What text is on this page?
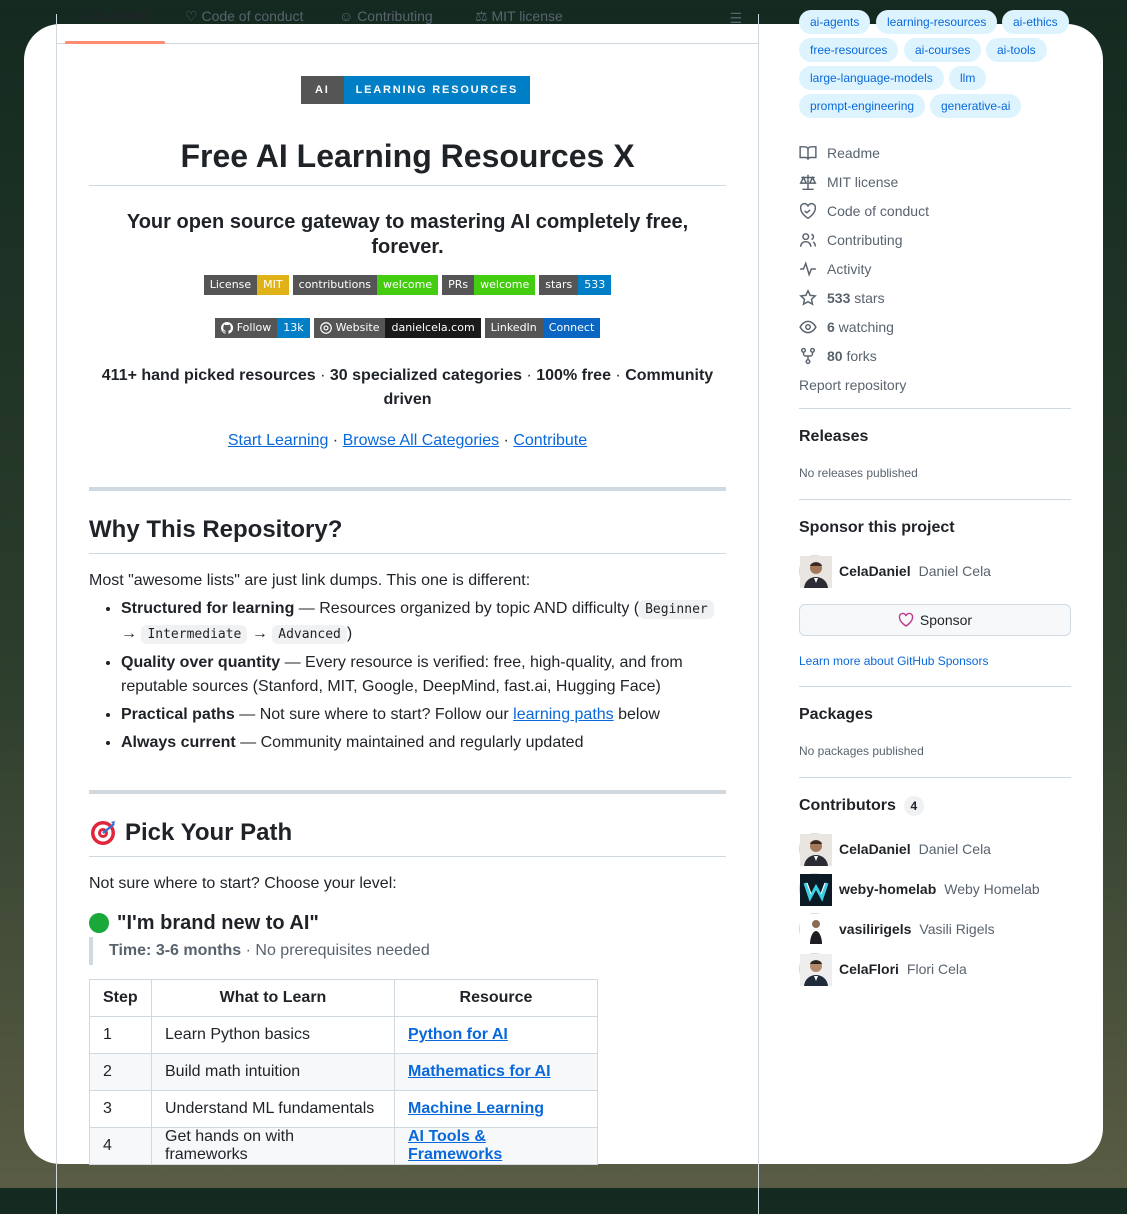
☷ README ♡ Code of conduct	☺ Contributing	⚖ MIT license	☰
AI	LEARNING RESOURCES
Free AI Learning Resources X

Your open source gateway to mastering AI completely free, forever.

License	MIT	contributions	welcome	PRs	welcome	stars	533
Follow	13k	Website	danielcela.com	LinkedIn	Connect
411+ hand picked resources · 30 specialized categories · 100% free · Community driven
Start Learning · Browse All Categories · Contribute
Why This Repository?

Most "awesome lists" are just link dumps. This one is different:

• Structured for learning — Resources organized by topic AND difficulty ( Beginner
→ Intermediate → Advanced )
• Quality over quantity — Every resource is verified: free, high-quality, and from reputable sources (Stanford, MIT, Google, DeepMind, fast.ai, Hugging Face)
• Practical paths — Not sure where to start? Follow our learning paths below
• Always current — Community maintained and regularly updated
Pick Your Path

Not sure where to start? Choose your level:

"I'm brand new to AI"
Time: 3-6 months · No prerequisites needed
Step	What to Learn	Resource
1	Learn Python basics	Python for AI
2	Build math intuition	Mathematics for AI
3	Understand ML fundamentals	Machine Learning
4	Get hands on with frameworks	AI Tools & Frameworks
ai-agents	learning-resources	ai-ethics
free-resources	ai-courses	ai-tools
large-language-models	llm
prompt-engineering	generative-ai
Readme
MIT license
Code of conduct
Contributing
Activity
533 stars
6 watching
80 forks
Report repository
Releases
No releases published
Sponsor this project
CelaDaniel Daniel Cela
Sponsor
Learn more about GitHub Sponsors
Packages
No packages published
Contributors	4
CelaDaniel Daniel Cela
weby-homelab Weby Homelab
vasilirigels Vasili Rigels
CelaFlori Flori Cela
